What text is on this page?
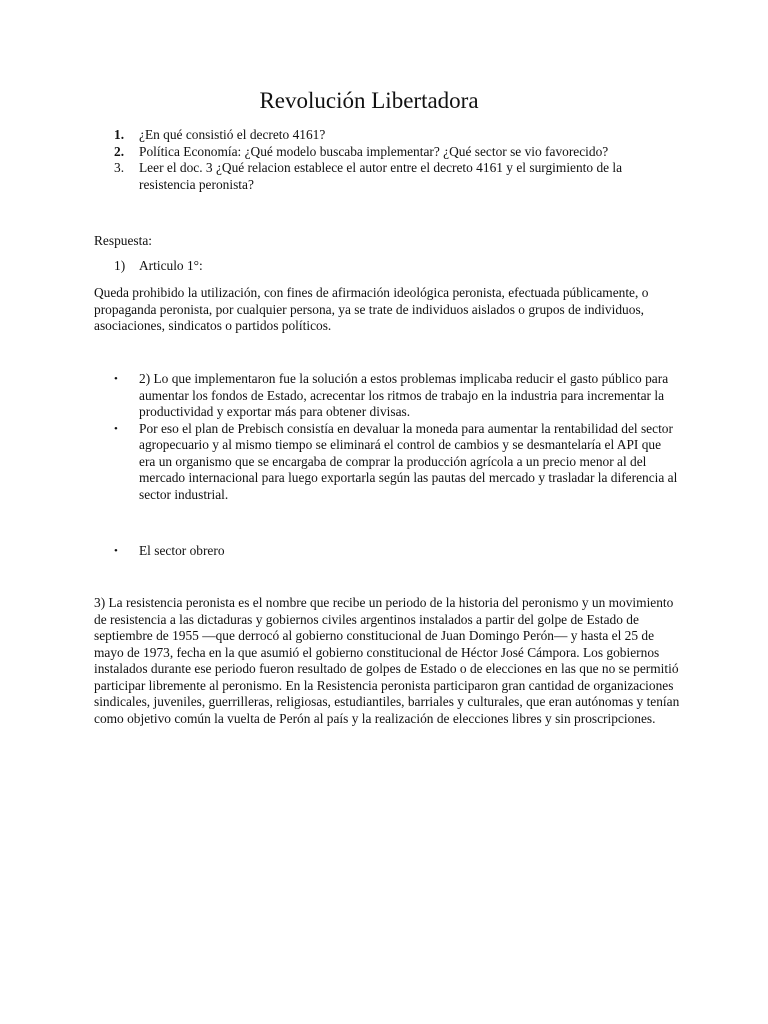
Revolución Libertadora
1. ¿En qué consistió el decreto 4161?
2. Política Economía: ¿Qué modelo buscaba implementar? ¿Qué sector se vio favorecido?
3. Leer el doc. 3 ¿Qué relacion establece el autor entre el decreto 4161 y el surgimiento de la resistencia peronista?
Respuesta:
1) Articulo 1°:
Queda prohibido la utilización, con fines de afirmación ideológica peronista, efectuada públicamente, o propaganda peronista, por cualquier persona, ya se trate de individuos aislados o grupos de individuos, asociaciones, sindicatos o partidos políticos.
• 2) Lo que implementaron fue la solución a estos problemas implicaba reducir el gasto público para aumentar los fondos de Estado, acrecentar los ritmos de trabajo en la industria para incrementar la productividad y exportar más para obtener divisas.
• Por eso el plan de Prebisch consistía en devaluar la moneda para aumentar la rentabilidad del sector agropecuario y al mismo tiempo se eliminará el control de cambios y se desmantelaría el API que era un organismo que se encargaba de comprar la producción agrícola a un precio menor al del mercado internacional para luego exportarla según las pautas del mercado y trasladar la diferencia al sector industrial.
• El sector obrero
3) La resistencia peronista es el nombre que recibe un periodo de la historia del peronismo y un movimiento de resistencia a las dictaduras y gobiernos civiles argentinos instalados a partir del golpe de Estado de septiembre de 1955 —que derrocó al gobierno constitucional de Juan Domingo Perón— y hasta el 25 de mayo de 1973, fecha en la que asumió el gobierno constitucional de Héctor José Cámpora. Los gobiernos instalados durante ese periodo fueron resultado de golpes de Estado o de elecciones en las que no se permitió participar libremente al peronismo. En la Resistencia peronista participaron gran cantidad de organizaciones sindicales, juveniles, guerrilleras, religiosas, estudiantiles, barriales y culturales, que eran autónomas y tenían como objetivo común la vuelta de Perón al país y la realización de elecciones libres y sin proscripciones.
